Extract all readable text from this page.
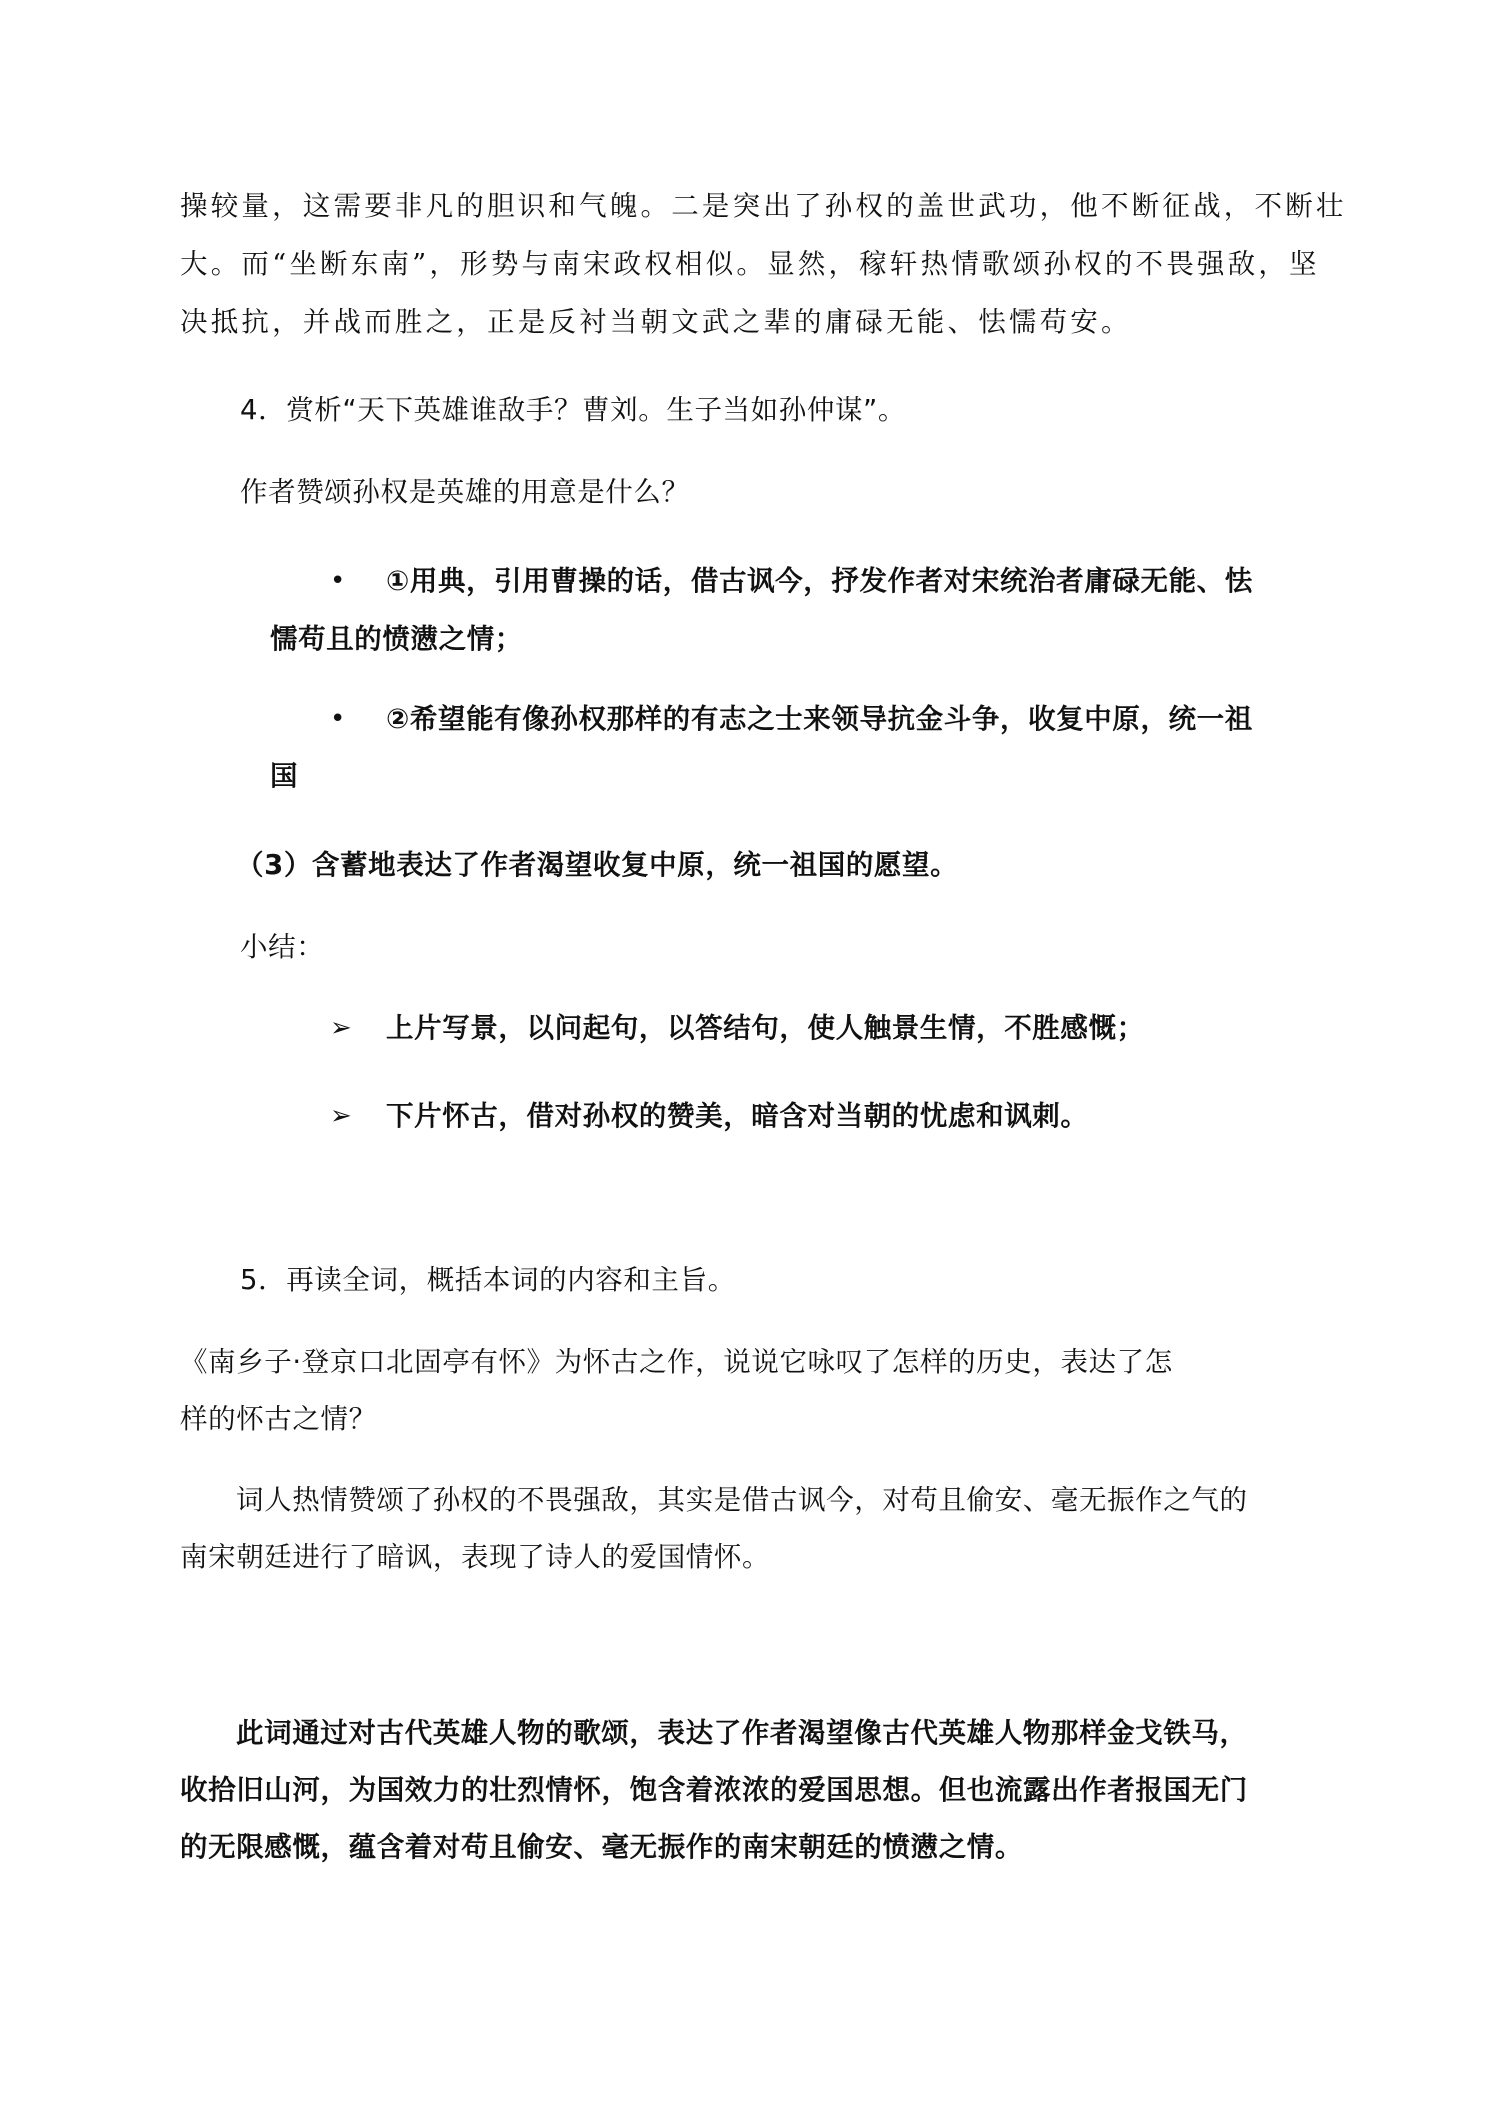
操较量，这需要非凡的胆识和气魄。二是突出了孙权的盖世武功，他不断征战，不断壮
大。而“坐断东南”，形势与南宋政权相似。显然，稼轩热情歌颂孙权的不畏强敌，坚
决抵抗，并战而胜之，正是反衬当朝文武之辈的庸碌无能、怯懦苟安。
4．赏析“天下英雄谁敌手？曹刘。生子当如孙仲谋”。
作者赞颂孙权是英雄的用意是什么？
• ①用典，引用曹操的话，借古讽今，抒发作者对宋统治者庸碌无能、怯
懦苟且的愤懑之情；
• ②希望能有像孙权那样的有志之士来领导抗金斗争，收复中原，统一祖
国
（3）含蓄地表达了作者渴望收复中原，统一祖国的愿望。
小结：
➢ 上片写景，以问起句，以答结句，使人触景生情，不胜感慨；
➢ 下片怀古，借对孙权的赞美，暗含对当朝的忧虑和讽刺。
5．再读全词，概括本词的内容和主旨。
《南乡子·登京口北固亭有怀》为怀古之作，说说它咏叹了怎样的历史，表达了怎
样的怀古之情？
词人热情赞颂了孙权的不畏强敌，其实是借古讽今，对苟且偷安、毫无振作之气的
南宋朝廷进行了暗讽，表现了诗人的爱国情怀。
此词通过对古代英雄人物的歌颂，表达了作者渴望像古代英雄人物那样金戈铁马，
收拾旧山河，为国效力的壮烈情怀，饱含着浓浓的爱国思想。但也流露出作者报国无门
的无限感慨，蕴含着对苟且偷安、毫无振作的南宋朝廷的愤懑之情。
